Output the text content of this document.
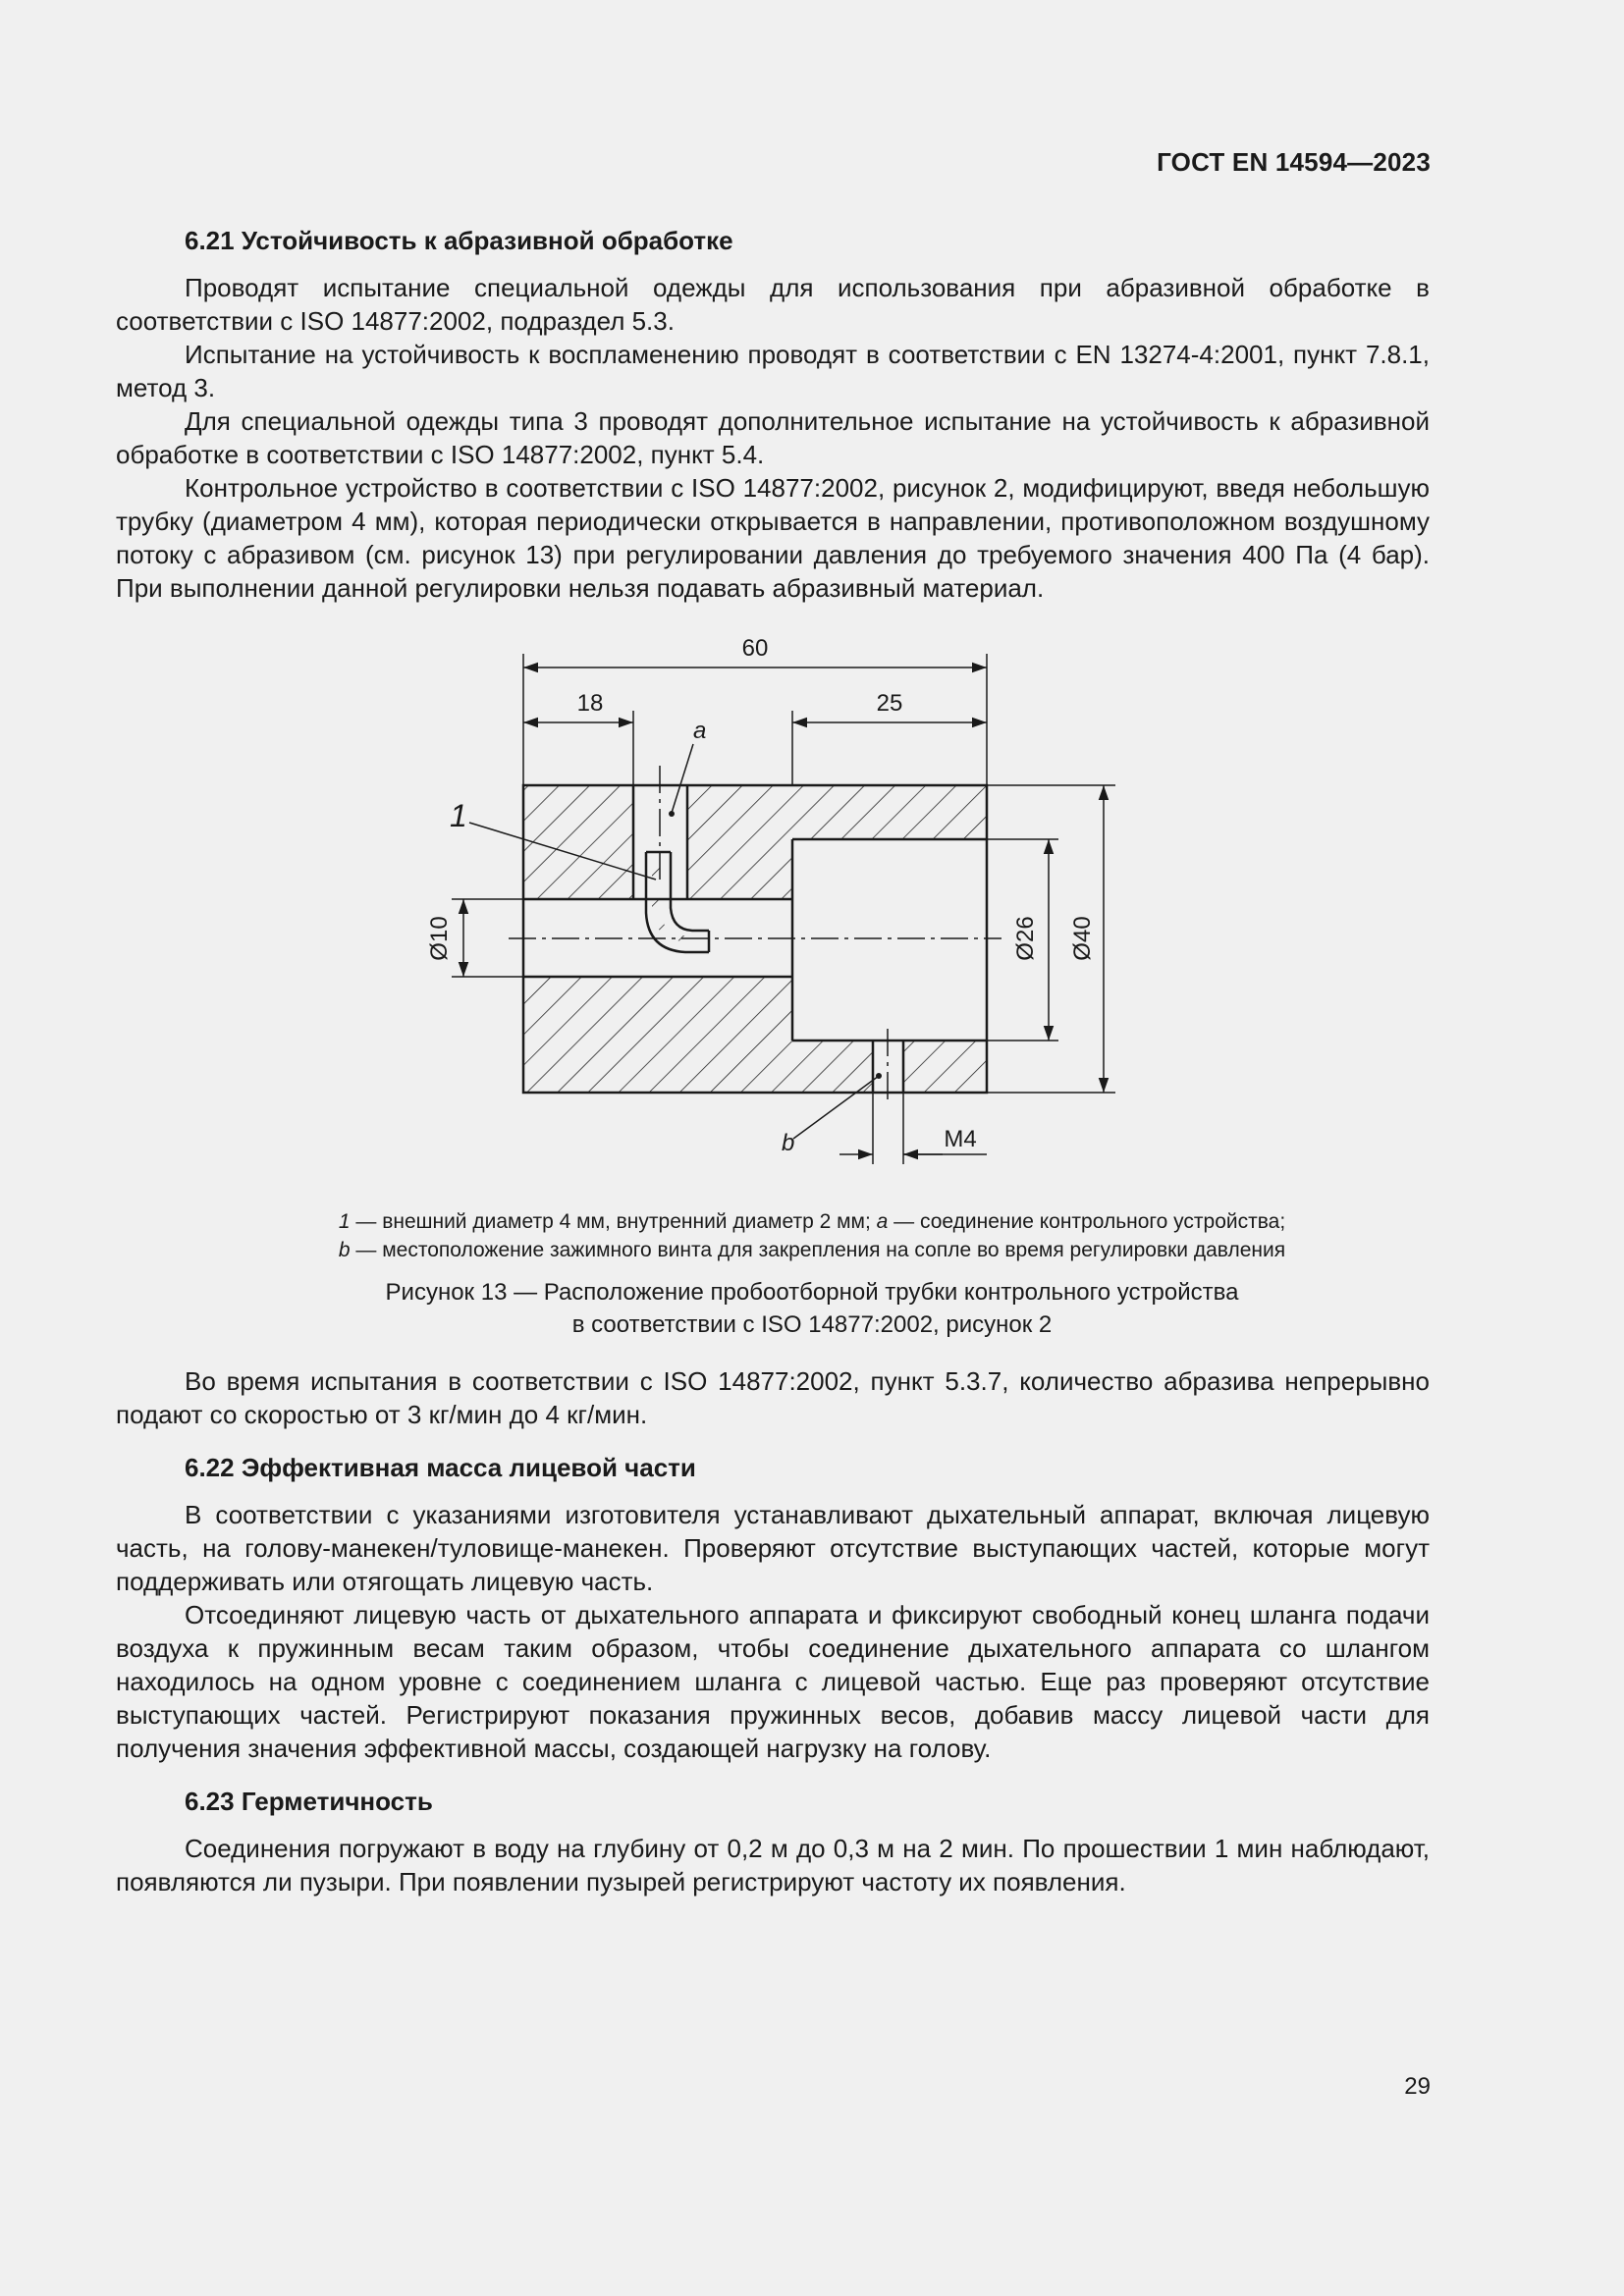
ГОСТ EN 14594—2023

6.21 Устойчивость к абразивной обработке

Проводят испытание специальной одежды для использования при абразивной обработке в соответствии с ISO 14877:2002, подраздел 5.3.

Испытание на устойчивость к воспламенению проводят в соответствии с EN 13274-4:2001, пункт 7.8.1, метод 3.

Для специальной одежды типа 3 проводят дополнительное испытание на устойчивость к абразивной обработке в соответствии с ISO 14877:2002, пункт 5.4.

Контрольное устройство в соответствии с ISO 14877:2002, рисунок 2, модифицируют, введя небольшую трубку (диаметром 4 мм), которая периодически открывается в направлении, противоположном воздушному потоку с абразивом (см. рисунок 13) при регулировании давления до требуемого значения 400 Па (4 бар). При выполнении данной регулировки нельзя подавать абразивный материал.

60
18	25
Ø10	Ø26 Ø40
M4
1
a
b
1 — внешний диаметр 4 мм, внутренний диаметр 2 мм; a — соединение контрольного устройства;
b — местоположение зажимного винта для закрепления на сопле во время регулировки давления
Рисунок 13 — Расположение пробоотборной трубки контрольного устройства
в соответствии с ISO 14877:2002, рисунок 2

Во время испытания в соответствии с ISO 14877:2002, пункт 5.3.7, количество абразива непрерывно подают со скоростью от 3 кг/мин до 4 кг/мин.

6.22 Эффективная масса лицевой части

В соответствии с указаниями изготовителя устанавливают дыхательный аппарат, включая лицевую часть, на голову-манекен/туловище-манекен. Проверяют отсутствие выступающих частей, которые могут поддерживать или отягощать лицевую часть.

Отсоединяют лицевую часть от дыхательного аппарата и фиксируют свободный конец шланга подачи воздуха к пружинным весам таким образом, чтобы соединение дыхательного аппарата со шлангом находилось на одном уровне с соединением шланга с лицевой частью. Еще раз проверяют отсутствие выступающих частей. Регистрируют показания пружинных весов, добавив массу лицевой части для получения значения эффективной массы, создающей нагрузку на голову.

6.23 Герметичность

Соединения погружают в воду на глубину от 0,2 м до 0,3 м на 2 мин. По прошествии 1 мин наблюдают, появляются ли пузыри. При появлении пузырей регистрируют частоту их появления.

29
